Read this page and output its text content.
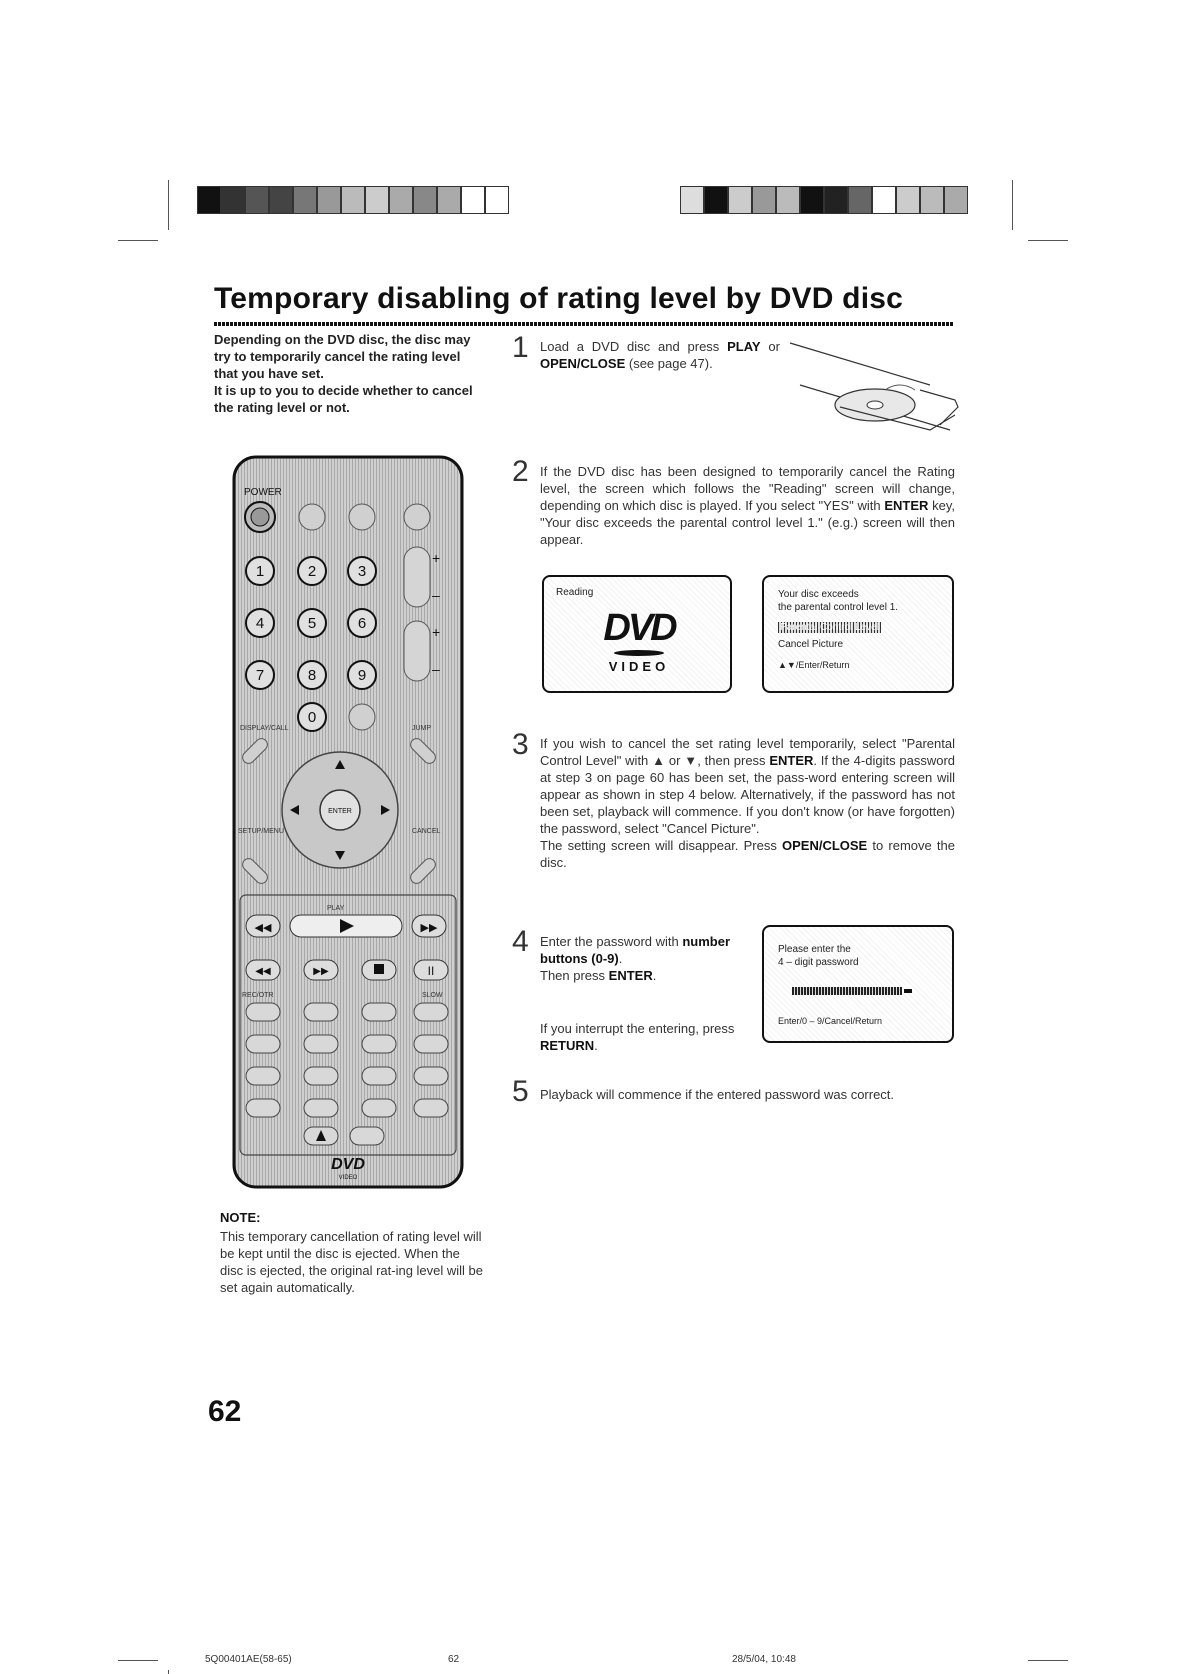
Temporary disabling of rating level by DVD disc

Depending on the DVD disc, the disc may try to temporarily cancel the rating level that you have set.

It is up to you to decide whether to cancel the rating level or not.

1 Load a DVD disc and press PLAY or OPEN/CLOSE (see page 47).
POWER
1	2	3
4	5	6
7	8	9
0
+
–
+
–
DISPLAY/CALL	JUMP
ENTER
SETUP/MENU	CANCEL
PLAY
◀◀	▶▶
◀◀	▶▶	II
REC/OTR	SLOW
DVD
VIDEO
2 If the DVD disc has been designed to temporarily cancel the Rating level, the screen which follows the "Reading" screen will change, depending on which disc is played. If you select "YES" with ENTER key, "Your disc exceeds the parental control level 1." (e.g.) screen will then appear.
Reading
DVD
VIDEO
Your disc exceeds
the parental control level 1.
Parental Control Level
Cancel Picture
▲▼/Enter/Return
3 If you wish to cancel the set rating level temporarily, select "Parental Control Level" with ▲ or ▼, then press ENTER. If the 4-digits password at step 3 on page 60 has been set, the pass-word entering screen will appear as shown in step 4 below. Alternatively, if the password has not been set, playback will commence. If you don't know (or have forgotten) the password, select "Cancel Picture".

The setting screen will disappear. Press OPEN/CLOSE to remove the disc.

4 Enter the password with number buttons (0-9).

Then press ENTER.

If you interrupt the entering, press RETURN.
Please enter the
4 – digit password
Enter/0 – 9/Cancel/Return
5 Playback will commence if the entered password was correct.
NOTE:
This temporary cancellation of rating level will be kept until the disc is ejected. When the disc is ejected, the original rat-ing level will be set again automatically.
62
5Q00401AE(58-65)	62	28/5/04, 10:48
